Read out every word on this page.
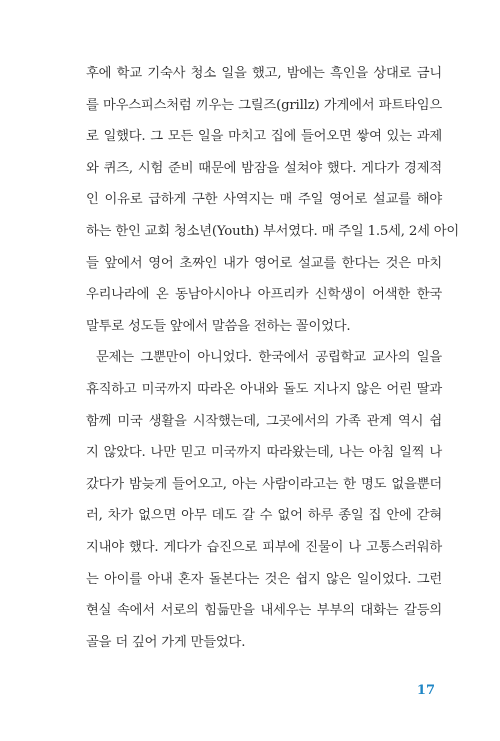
후에 학교 기숙사 청소 일을 했고, 밤에는 흑인을 상대로 금니
를 마우스피스처럼 끼우는 그릴즈(grillz) 가게에서 파트타임으
로 일했다. 그 모든 일을 마치고 집에 들어오면 쌓여 있는 과제
와 퀴즈, 시험 준비 때문에 밤잠을 설쳐야 했다. 게다가 경제적
인 이유로 급하게 구한 사역지는 매 주일 영어로 설교를 해야
하는 한인 교회 청소년(Youth) 부서였다. 매 주일 1.5세, 2세 아이
들 앞에서 영어 초짜인 내가 영어로 설교를 한다는 것은 마치
우리나라에 온 동남아시아나 아프리카 신학생이 어색한 한국
말투로 성도들 앞에서 말씀을 전하는 꼴이었다.
문제는 그뿐만이 아니었다. 한국에서 공립학교 교사의 일을
휴직하고 미국까지 따라온 아내와 돌도 지나지 않은 어린 딸과
함께 미국 생활을 시작했는데, 그곳에서의 가족 관계 역시 쉽
지 않았다. 나만 믿고 미국까지 따라왔는데, 나는 아침 일찍 나
갔다가 밤늦게 들어오고, 아는 사람이라고는 한 명도 없을뿐더
러, 차가 없으면 아무 데도 갈 수 없어 하루 종일 집 안에 갇혀
지내야 했다. 게다가 습진으로 피부에 진물이 나 고통스러워하
는 아이를 아내 혼자 돌본다는 것은 쉽지 않은 일이었다. 그런
현실 속에서 서로의 힘듦만을 내세우는 부부의 대화는 갈등의
골을 더 깊어 가게 만들었다.
17
